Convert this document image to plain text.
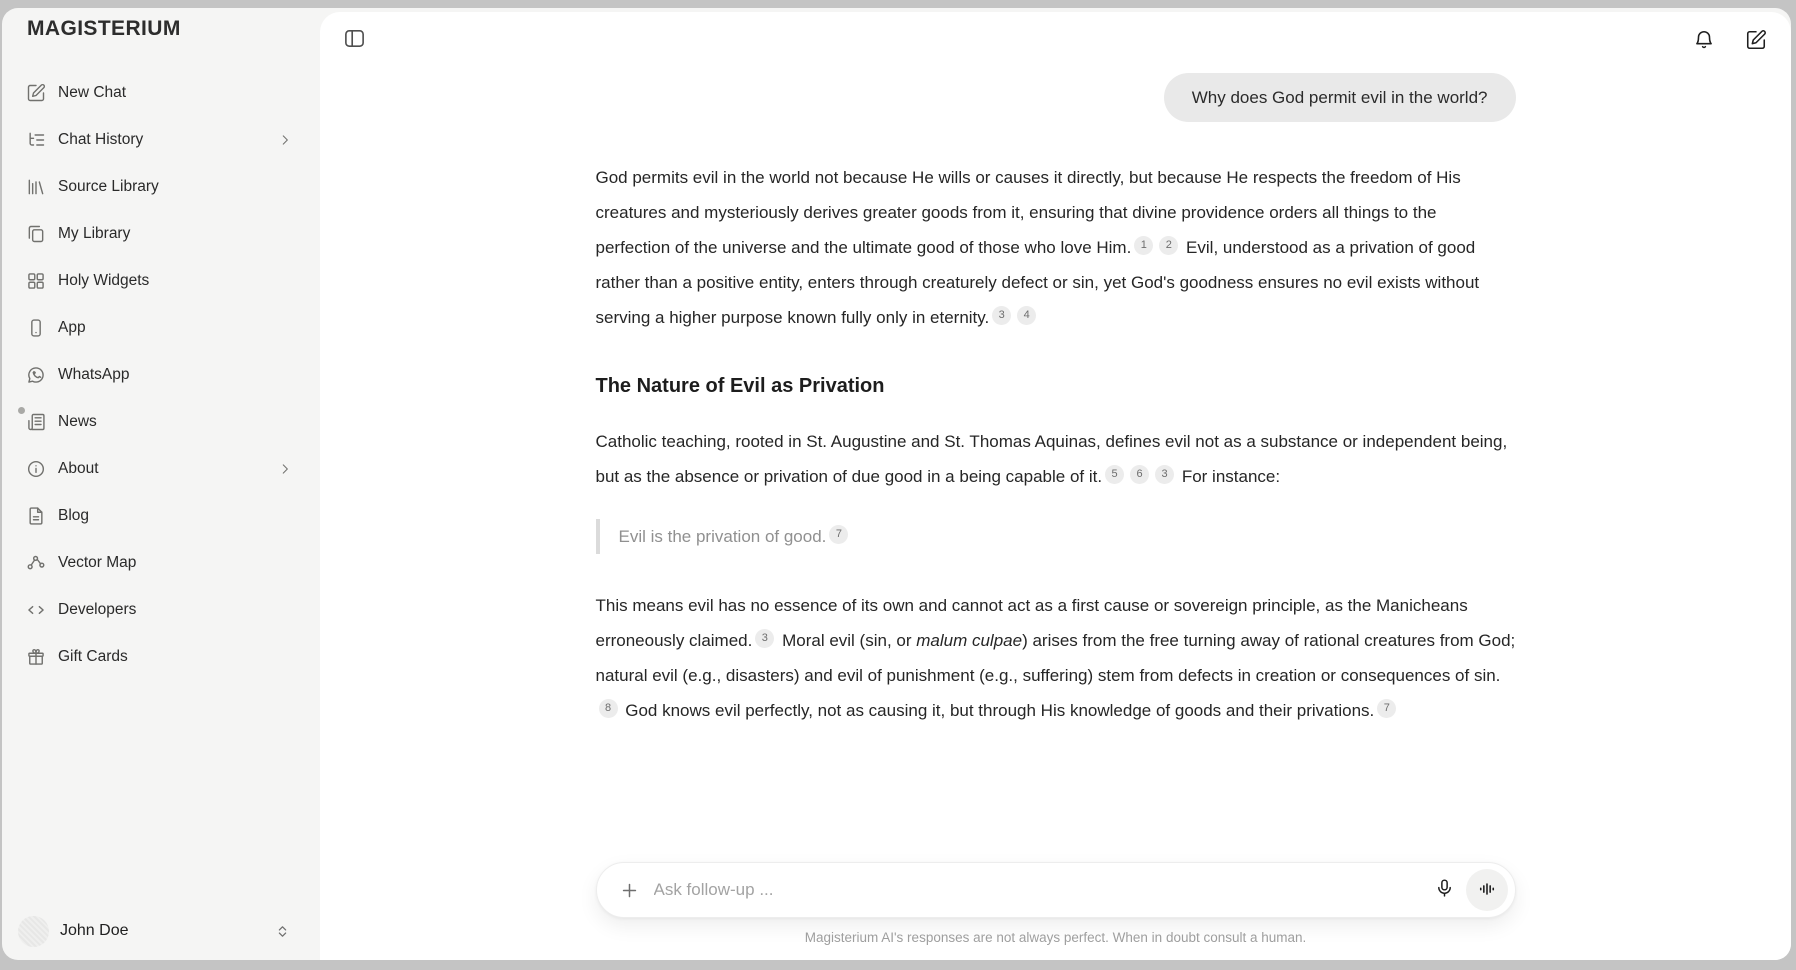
MAGISTERIUM
New Chat
Chat History
Source Library
My Library
Holy Widgets
App
WhatsApp
News
About
Blog
Vector Map
Developers
Gift Cards
John Doe
Why does God permit evil in the world?

God permits evil in the world not because He wills or causes it directly, but because He respects the freedom of His creatures and mysteriously derives greater goods from it, ensuring that divine providence orders all things to the perfection of the universe and the ultimate good of those who love Him. $^1$ $^2$ Evil, understood as a privation of good rather than a positive entity, enters through creaturely defect or sin, yet God's goodness ensures no evil exists without serving a higher purpose known fully only in eternity. $^3$ $^4$

The Nature of Evil as Privation

Catholic teaching, rooted in St. Augustine and St. Thomas Aquinas, defines evil not as a substance or independent being, but as the absence or privation of due good in a being capable of it. $^5$ $^6$ $^3$ For instance:

Evil is the privation of good. $^7$

This means evil has no essence of its own and cannot act as a first cause or sovereign principle, as the Manicheans erroneously claimed. $^3$ Moral evil (sin, or malum culpae) arises from the free turning away of rational creatures from God; natural evil (e.g., disasters) and evil of punishment (e.g., suffering) stem from defects in creation or consequences of sin.$^8$ God knows evil perfectly, not as causing it, but through His knowledge of goods and their privations. $^7$

Ask follow-up ...
Magisterium AI's responses are not always perfect. When in doubt consult a human.
